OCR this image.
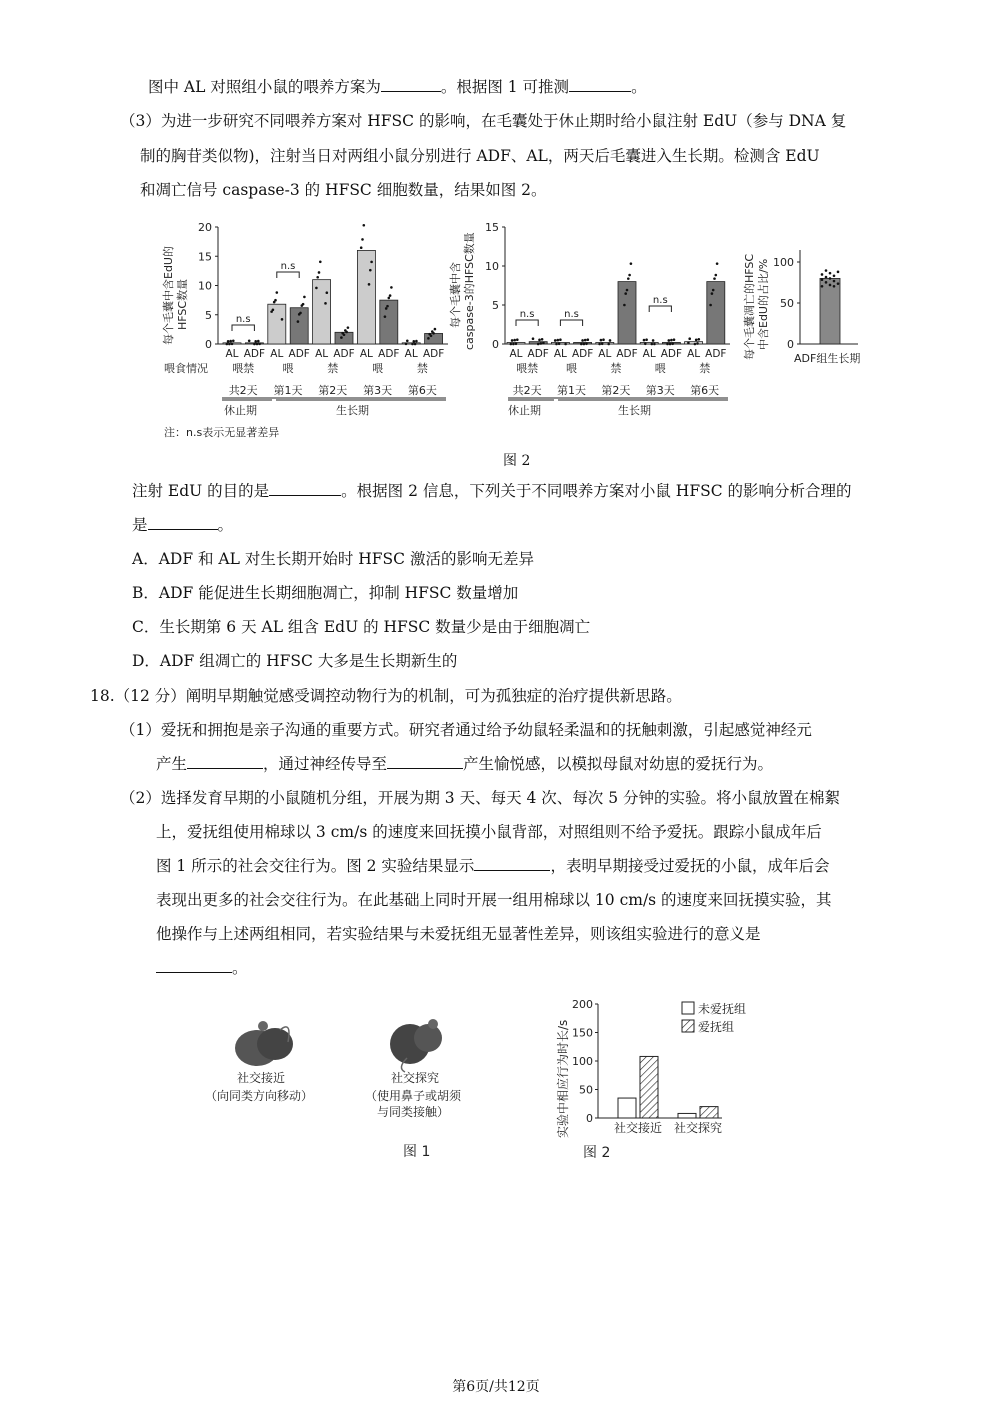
图中 AL 对照组小鼠的喂养方案为	。根据图 1 可推测	。
（3）为进一步研究不同喂养方案对 HFSC 的影响，在毛囊处于休止期时给小鼠注射 EdU（参与 DNA 复
制的胸苷类似物)，注射当日对两组小鼠分别进行 ADF、AL，两天后毛囊进入生长期。检测含 EdU
和凋亡信号 caspase-3 的 HFSC 细胞数量，结果如图 2。
每个毛囊中含EdU的 HFSC数量
20
15
10
5
0
n.s
n.s
喂食情况
AL ADF AL ADF AL ADF AL ADF AL ADF
喂禁	喂	禁	喂	禁
共2天 第1天 第2天 第3天 第6天
休止期	生长期
注：n.s表示无显著差异
每个毛囊中含 caspase-3的HFSC数量
15
10
5
0
n.s	n.s
n.s
AL ADF AL ADF AL ADF AL ADF AL ADF
喂禁	喂	禁	喂	禁
共2天 第1天 第2天 第3天 第6天
休止期	生长期
每个毛囊凋亡的HFSC 中含EdU的占比/% 100
50
0
ADF组生长期
图 2
注射 EdU 的目的是	。根据图 2 信息，下列关于不同喂养方案对小鼠 HFSC 的影响分析合理的
是	。
A．ADF 和 AL 对生长期开始时 HFSC 激活的影响无差异
B．ADF 能促进生长期细胞凋亡，抑制 HFSC 数量增加
C．生长期第 6 天 AL 组含 EdU 的 HFSC 数量少是由于细胞凋亡
D．ADF 组凋亡的 HFSC 大多是生长期新生的
18.（12 分）阐明早期触觉感受调控动物行为的机制，可为孤独症的治疗提供新思路。
（1）爱抚和拥抱是亲子沟通的重要方式。研究者通过给予幼鼠轻柔温和的抚触刺激，引起感觉神经元
产生	，通过神经传导至	产生愉悦感，以模拟母鼠对幼崽的爱抚行为。
（2）选择发育早期的小鼠随机分组，开展为期 3 天、每天 4 次、每次 5 分钟的实验。将小鼠放置在棉絮
上，爱抚组使用棉球以 3 cm/s 的速度来回抚摸小鼠背部，对照组则不给予爱抚。跟踪小鼠成年后
图 1 所示的社会交往行为。图 2 实验结果显示	，表明早期接受过爱抚的小鼠，成年后会
表现出更多的社会交往行为。在此基础上同时开展一组用棉球以 10 cm/s 的速度来回抚摸实验，其
他操作与上述两组相同，若实验结果与未爱抚组无显著性差异，则该组实验进行的意义是
。
社交接近
（向同类方向移动）
社交探究
（使用鼻子或胡须
与同类接触）
图 1
实验中相应行为时长/s
200
150
100
50
0
未爱抚组
爱抚组
社交接近 社交探究
图 2
第6页/共12页
